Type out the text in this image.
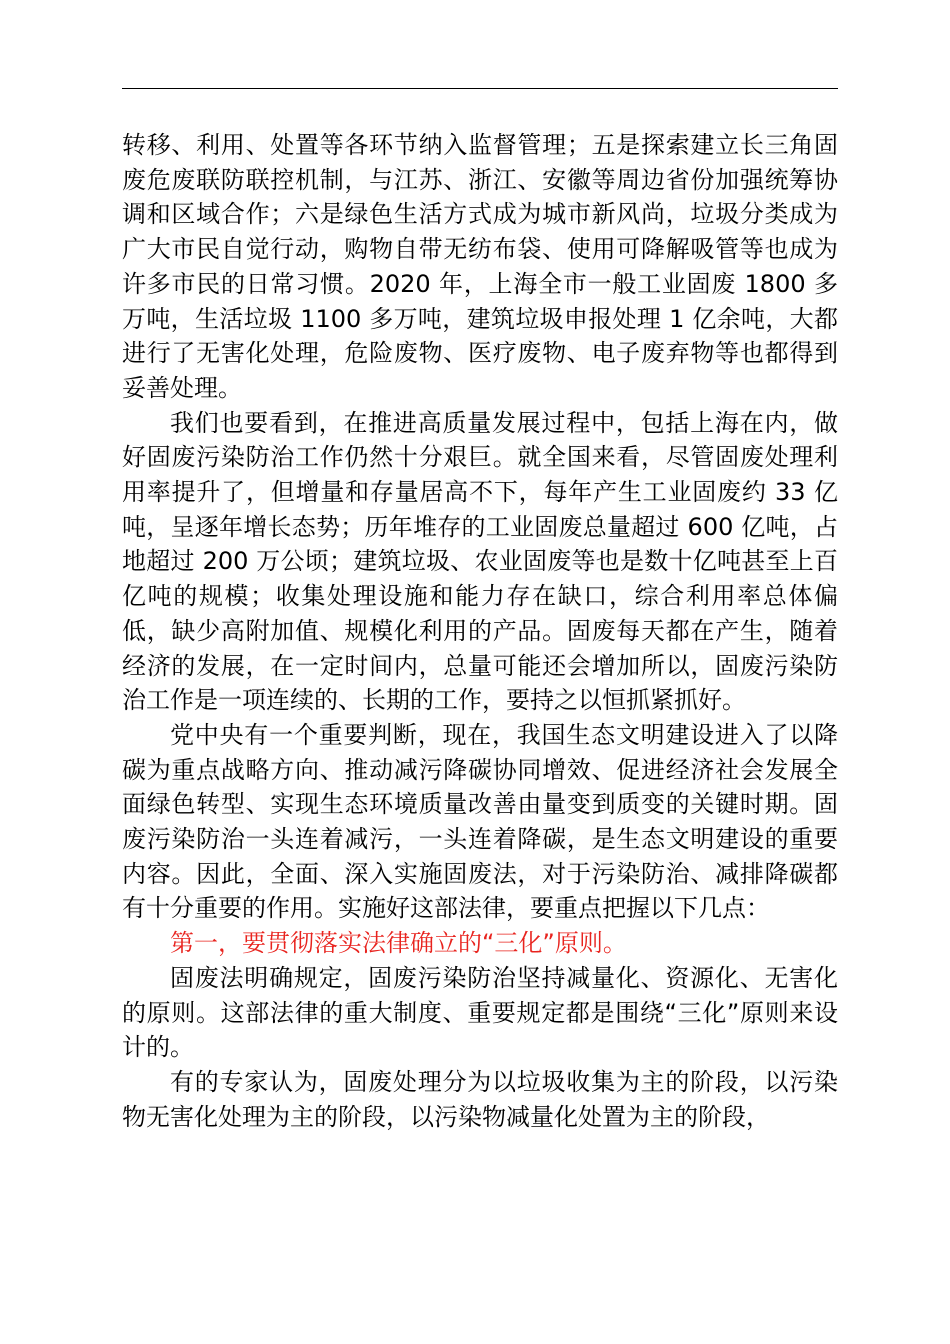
转移、利用、处置等各环节纳入监督管理；五是探索建立长三角固废危废联防联控机制，与江苏、浙江、安徽等周边省份加强统筹协调和区域合作；六是绿色生活方式成为城市新风尚，垃圾分类成为广大市民自觉行动，购物自带无纺布袋、使用可降解吸管等也成为许多市民的日常习惯。2020 年，上海全市一般工业固废 1800 多万吨，生活垃圾 1100 多万吨，建筑垃圾申报处理 1 亿余吨，大都进行了无害化处理，危险废物、医疗废物、电子废弃物等也都得到妥善处理。

我们也要看到，在推进高质量发展过程中，包括上海在内，做好固废污染防治工作仍然十分艰巨。就全国来看，尽管固废处理利用率提升了，但增量和存量居高不下，每年产生工业固废约 33 亿吨，呈逐年增长态势；历年堆存的工业固废总量超过 600 亿吨，占地超过 200 万公顷；建筑垃圾、农业固废等也是数十亿吨甚至上百亿吨的规模；收集处理设施和能力存在缺口，综合利用率总体偏低，缺少高附加值、规模化利用的产品。固废每天都在产生，随着经济的发展，在一定时间内，总量可能还会增加所以，固废污染防治工作是一项连续的、长期的工作，要持之以恒抓紧抓好。

党中央有一个重要判断，现在，我国生态文明建设进入了以降碳为重点战略方向、推动减污降碳协同增效、促进经济社会发展全面绿色转型、实现生态环境质量改善由量变到质变的关键时期。固废污染防治一头连着减污，一头连着降碳，是生态文明建设的重要内容。因此，全面、深入实施固废法，对于污染防治、减排降碳都有十分重要的作用。实施好这部法律，要重点把握以下几点：

第一，要贯彻落实法律确立的“三化”原则。

固废法明确规定，固废污染防治坚持减量化、资源化、无害化的原则。这部法律的重大制度、重要规定都是围绕“三化”原则来设计的。

有的专家认为，固废处理分为以垃圾收集为主的阶段，以污染物无害化处理为主的阶段，以污染物减量化处置为主的阶段，
